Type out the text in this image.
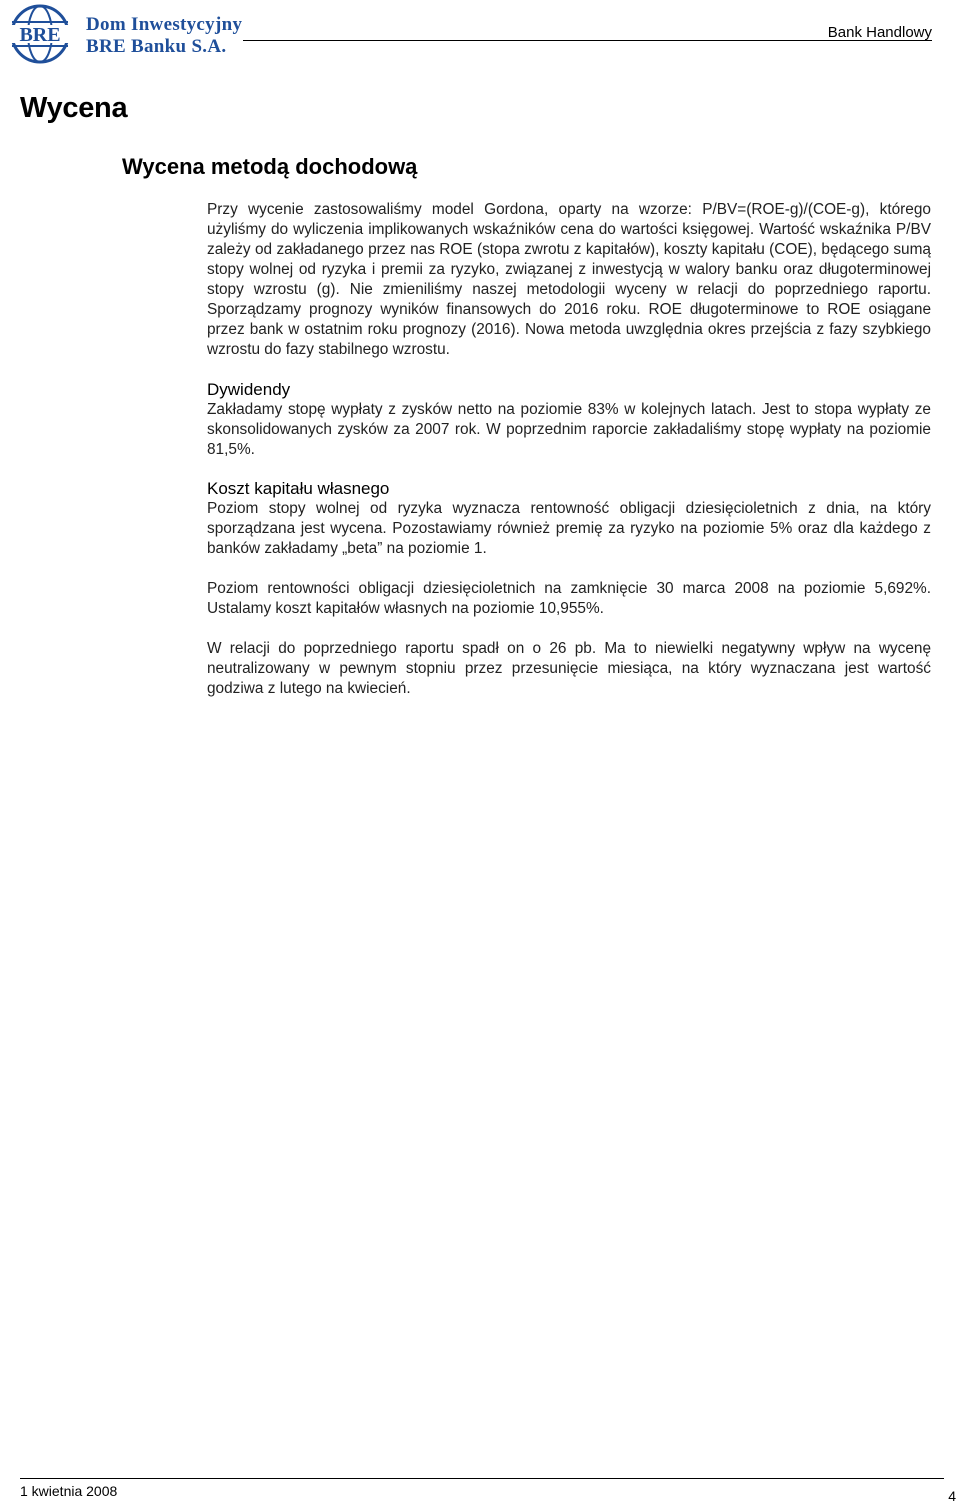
BRE Dom Inwestycyjny
BRE Banku S.A.
Bank Handlowy
Wycena
Wycena metodą dochodową

Przy wycenie zastosowaliśmy model Gordona, oparty na wzorze: P/BV=(ROE-g)/(COE-g), którego użyliśmy do wyliczenia implikowanych wskaźników cena do wartości księgowej. Wartość wskaźnika P/BV zależy od zakładanego przez nas ROE (stopa zwrotu z kapitałów), koszty kapitału (COE), będącego sumą stopy wolnej od ryzyka i premii za ryzyko, związanej z inwestycją w walory banku oraz długoterminowej stopy wzrostu (g). Nie zmieniliśmy naszej metodologii wyceny w relacji do poprzedniego raportu. Sporządzamy prognozy wyników finansowych do 2016 roku. ROE długoterminowe to ROE osiągane przez bank w ostatnim roku prognozy (2016). Nowa metoda uwzględnia okres przejścia z fazy szybkiego wzrostu do fazy stabilnego wzrostu.

Dywidendy

Zakładamy stopę wypłaty z zysków netto na poziomie 83% w kolejnych latach. Jest to stopa wypłaty ze skonsolidowanych zysków za 2007 rok. W poprzednim raporcie zakładaliśmy stopę wypłaty na poziomie 81,5%.

Koszt kapitału własnego

Poziom stopy wolnej od ryzyka wyznacza rentowność obligacji dziesięcioletnich z dnia, na który sporządzana jest wycena. Pozostawiamy również premię za ryzyko na poziomie 5% oraz dla każdego z banków zakładamy „beta” na poziomie 1.

Poziom rentowności obligacji dziesięcioletnich na zamknięcie 30 marca 2008 na poziomie 5,692%. Ustalamy koszt kapitałów własnych na poziomie 10,955%.

W relacji do poprzedniego raportu spadł on o 26 pb. Ma to niewielki negatywny wpływ na wycenę neutralizowany w pewnym stopniu przez przesunięcie miesiąca, na który wyznaczana jest wartość godziwa z lutego na kwiecień.

1 kwietnia 2008	4
